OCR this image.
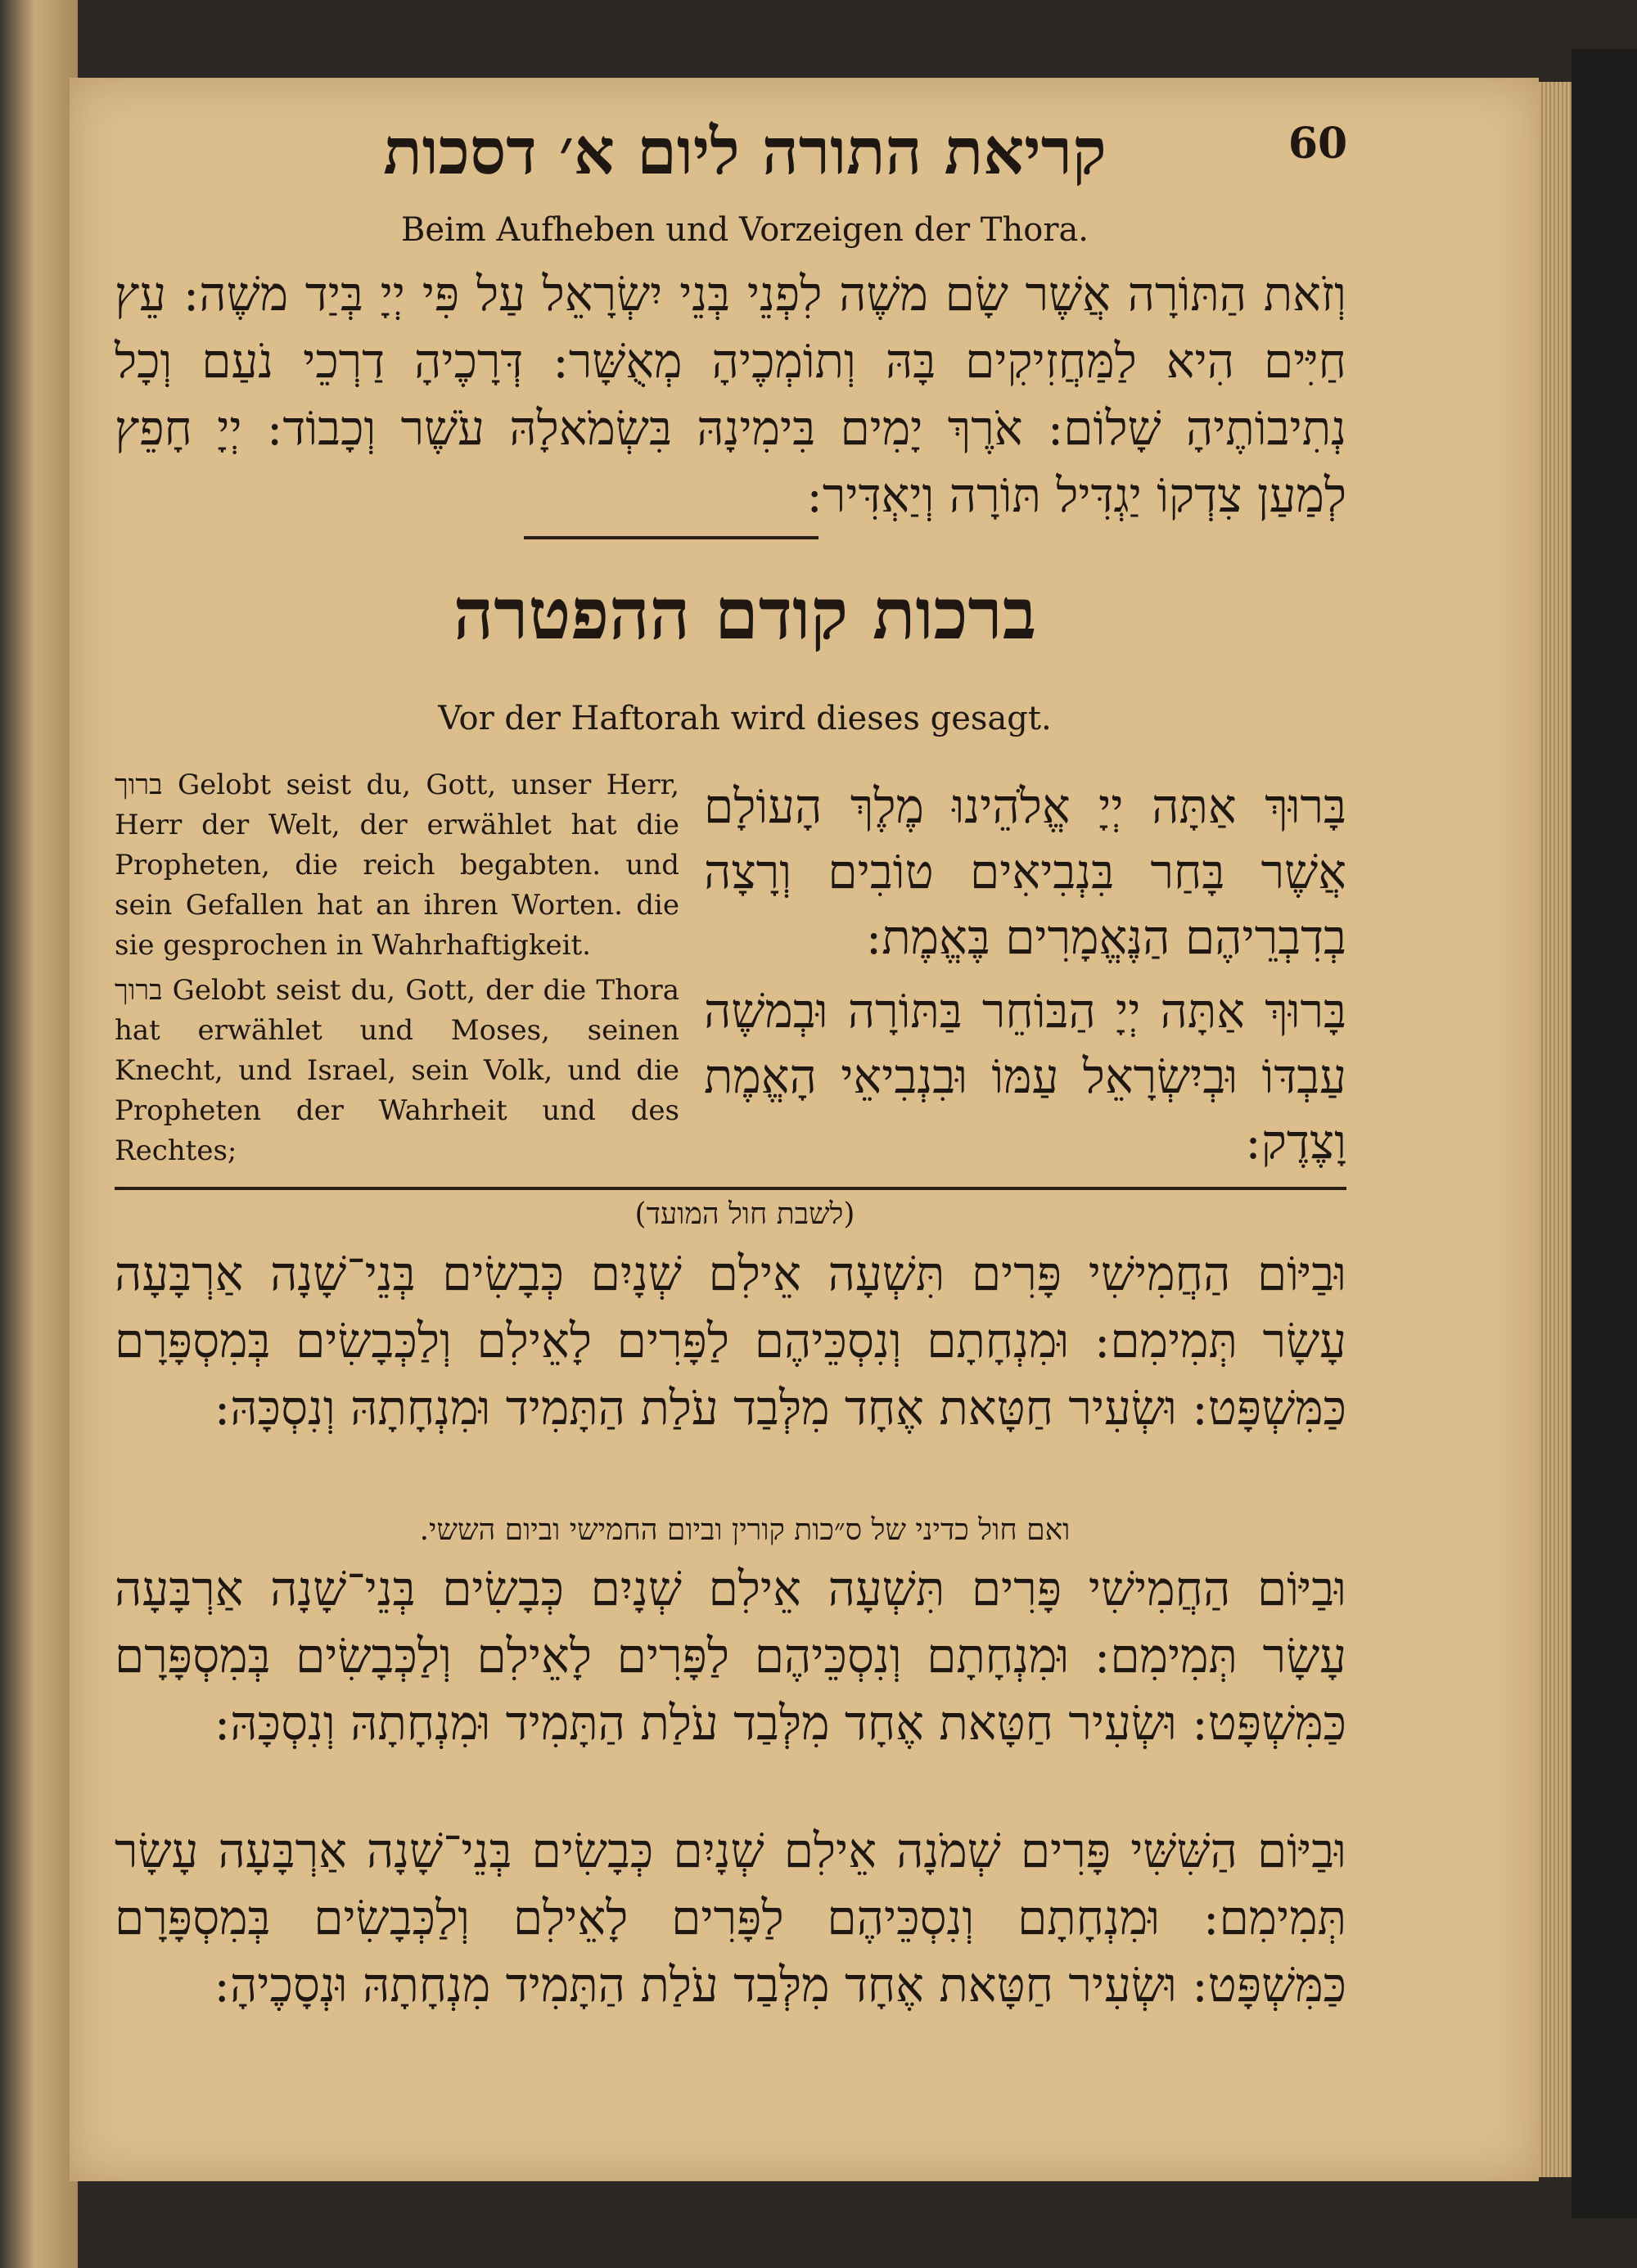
קריאת התורה ליום א׳ דסכות	60
Beim Aufheben und Vorzeigen der Thora.
וְזֹאת הַתּוֹרָה אֲשֶׁר שָׂם משֶׁה לִפְנֵי בְּנֵי יִשְׂרָאֵל עַל פִּי יְיָ בְּיַד משֶׁה: עֵץ חַיִּים הִיא לַמַּחֲזִיקִים בָּהּ וְתוֹמְכֶיהָ מְאֻשָּׁר: דְּרָכֶיהָ דַרְכֵי נֹעַם וְכָל נְתִיבוֹתֶיהָ שָׁלוֹם: אֹרֶךְ יָמִים בִּימִינָהּ בִּשְׂמֹאלָהּ עֹשֶׁר וְכָבוֹד: יְיָ חָפֵץ לְמַעַן צִדְקוֹ יַגְדִּיל תּוֹרָה וְיַאְדִּיר:
ברכות קודם ההפטרה
Vor der Haftorah wird dieses gesagt.

ברוך Gelobt seist du, Gott, unser Herr, Herr der Welt, der erwählet hat die Propheten, die reich begabten. und sein Gefallen hat an ihren Worten. die sie gesprochen in Wahrhaftigkeit.

ברוך Gelobt seist du, Gott, der die Thora hat erwählet und Moses, seinen Knecht, und Israel, sein Volk, und die Propheten der Wahrheit und des Rechtes;

בָּרוּךְ אַתָּה יְיָ אֱלֹהֵינוּ מֶלֶךְ הָעוֹלָם אֲשֶׁר בָּחַר בִּנְבִיאִים טוֹבִים וְרָצָה בְדִבְרֵיהֶם הַנֶּאֱמָרִים בֶּאֱמֶת:
בָּרוּךְ אַתָּה יְיָ הַבּוֹחֵר בַּתּוֹרָה וּבְמשֶׁה עַבְדּוֹ וּבְיִשְׂרָאֵל עַמּוֹ וּבִנְבִיאֵי הָאֱמֶת וָצֶדֶק:
(לשבת חול המועד)
וּבַיּוֹם הַחֲמִישִׁי פָּרִים תִּשְׁעָה אֵילִם שְׁנָיִם כְּבָשִׂים בְּנֵי־שָׁנָה אַרְבָּעָה עָשָׂר תְּמִימִם: וּמִנְחָתָם וְנִסְכֵּיהֶם לַפָּרִים לָאֵילִם וְלַכְּבָשִׂים בְּמִסְפָּרָם כַּמִּשְׁפָּט: וּשְׂעִיר חַטָּאת אֶחָד מִלְּבַד עֹלַת הַתָּמִיד וּמִנְחָתָהּ וְנִסְכָּהּ:
ואם חול כדיני של ס״כות קורין וביום החמישי וביום הששי.
וּבַיּוֹם הַחֲמִישִׁי פָּרִים תִּשְׁעָה אֵילִם שְׁנָיִם כְּבָשִׂים בְּנֵי־שָׁנָה אַרְבָּעָה עָשָׂר תְּמִימִם: וּמִנְחָתָם וְנִסְכֵּיהֶם לַפָּרִים לָאֵילִם וְלַכְּבָשִׂים בְּמִסְפָּרָם כַּמִּשְׁפָּט: וּשְׂעִיר חַטָּאת אֶחָד מִלְּבַד עֹלַת הַתָּמִיד וּמִנְחָתָהּ וְנִסְכָּהּ:
וּבַיּוֹם הַשִּׁשִּׁי פָּרִים שְׁמֹנָה אֵילִם שְׁנָיִם כְּבָשִׂים בְּנֵי־שָׁנָה אַרְבָּעָה עָשָׂר תְּמִימִם: וּמִנְחָתָם וְנִסְכֵּיהֶם לַפָּרִים לָאֵילִם וְלַכְּבָשִׂים בְּמִסְפָּרָם כַּמִּשְׁפָּט: וּשְׂעִיר חַטָּאת אֶחָד מִלְּבַד עֹלַת הַתָּמִיד מִנְחָתָהּ וּנְסָכֶיהָ:
